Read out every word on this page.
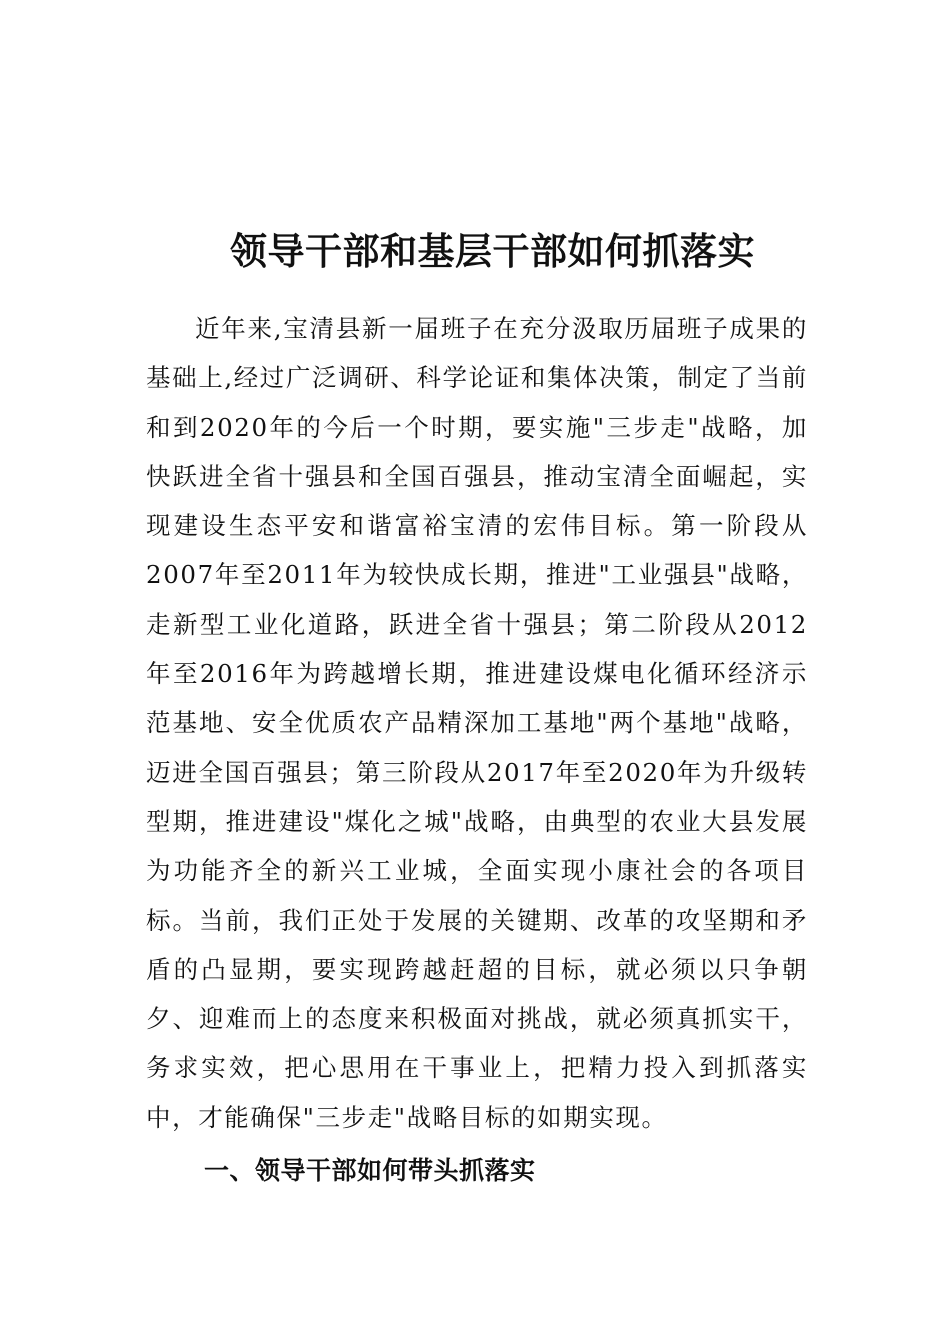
领导干部和基层干部如何抓落实

近年来,宝清县新一届班子在充分汲取历届班子成果的基础上,经过广泛调研、科学论证和集体决策，制定了当前和到2020年的今后一个时期，要实施"三步走"战略，加快跃进全省十强县和全国百强县，推动宝清全面崛起，实现建设生态平安和谐富裕宝清的宏伟目标。第一阶段从2007年至2011年为较快成长期，推进"工业强县"战略，走新型工业化道路，跃进全省十强县；第二阶段从2012年至2016年为跨越增长期，推进建设煤电化循环经济示范基地、安全优质农产品精深加工基地"两个基地"战略，迈进全国百强县；第三阶段从2017年至2020年为升级转型期，推进建设"煤化之城"战略，由典型的农业大县发展为功能齐全的新兴工业城，全面实现小康社会的各项目标。当前，我们正处于发展的关键期、改革的攻坚期和矛盾的凸显期，要实现跨越赶超的目标，就必须以只争朝夕、迎难而上的态度来积极面对挑战，就必须真抓实干，务求实效，把心思用在干事业上，把精力投入到抓落实中，才能确保"三步走"战略目标的如期实现。

一、领导干部如何带头抓落实
